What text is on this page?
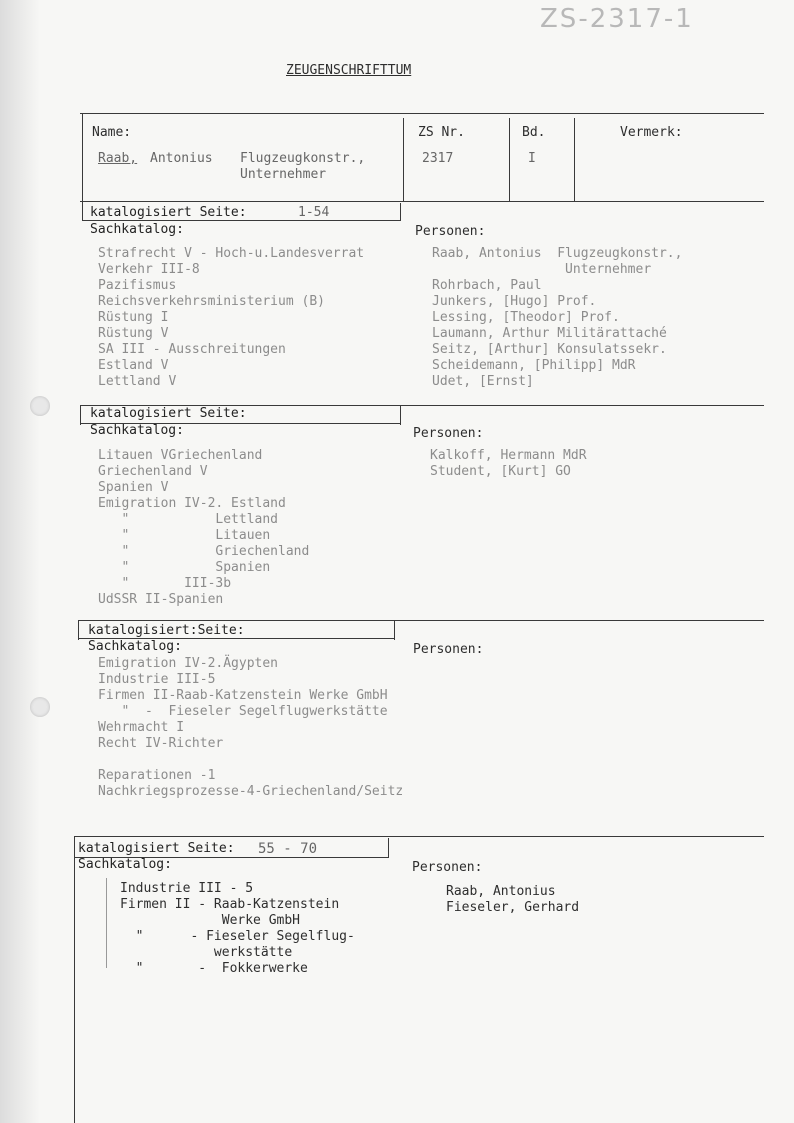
ZS-2317-1
ZEUGENSCHRIFTTUM
Name:
Raab, Antonius Flugzeugkonstr.,
Unternehmer
ZS Nr.
2317
Bd.
I
Vermerk:
katalogisiert Seite:	1-54
Sachkatalog:	Personen:
Strafrecht V - Hoch-u.Landesverrat
Verkehr III-8
Pazifismus
Reichsverkehrsministerium (B)
Rüstung I
Rüstung V
SA III - Ausschreitungen
Estland V
Lettland V
Raab, Antonius  Flugzeugkonstr.,
Unternehmer
Rohrbach, Paul
Junkers, [Hugo] Prof.
Lessing, [Theodor] Prof.
Laumann, Arthur Militärattaché
Seitz, [Arthur] Konsulatssekr.
Scheidemann, [Philipp] MdR
Udet, [Ernst]
katalogisiert Seite:
Sachkatalog:	Personen:
Litauen VGriechenland
Griechenland V
Spanien V
Emigration IV-2. Estland
"           Lettland
"           Litauen
"           Griechenland
"           Spanien
"       III-3b
UdSSR II-Spanien
Kalkoff, Hermann MdR
Student, [Kurt] GO
katalogisiert:Seite:
Sachkatalog:	Personen:
Emigration IV-2.Ägypten
Industrie III-5
Firmen II-Raab-Katzenstein Werke GmbH
"  -  Fieseler Segelflugwerkstätte
Wehrmacht I
Recht IV-Richter

Reparationen -1
Nachkriegsprozesse-4-Griechenland/Seitz
katalogisiert Seite: 55 - 70
Sachkatalog:	Personen:
Industrie III - 5
Firmen II - Raab-Katzenstein
Werke GmbH
"      - Fieseler Segelflug-
werkstätte
"       -  Fokkerwerke
Raab, Antonius
Fieseler, Gerhard
